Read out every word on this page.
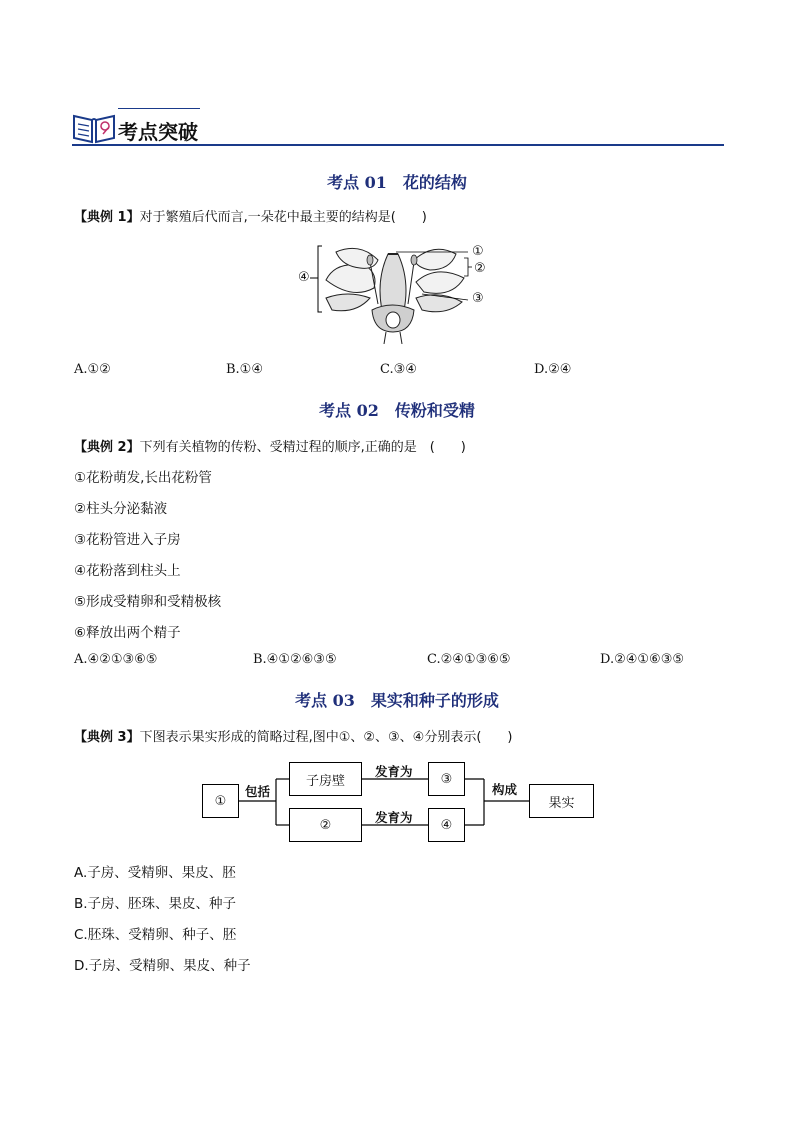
考点突破
考点 01　花的结构
【典例 1】对于繁殖后代而言,一朵花中最主要的结构是(　　)
①
②
③
④
A.①②	B.①④	C.③④	D.②④
考点 02　传粉和受精
【典例 2】下列有关植物的传粉、受精过程的顺序,正确的是　(　　)
①花粉萌发,长出花粉管
②柱头分泌黏液
③花粉管进入子房
④花粉落到柱头上
⑤形成受精卵和受精极核
⑥释放出两个精子
A.④②①③⑥⑤	B.④①②⑥③⑤	C.②④①③⑥⑤	D.②④①⑥③⑤
考点 03　果实和种子的形成
【典例 3】下图表示果实形成的简略过程,图中①、②、③、④分别表示(　　)
①
包括
子房壁
发育为	③
②	发育为	④
构成
果实
A.子房、受精卵、果皮、胚
B.子房、胚珠、果皮、种子
C.胚珠、受精卵、种子、胚
D.子房、受精卵、果皮、种子
